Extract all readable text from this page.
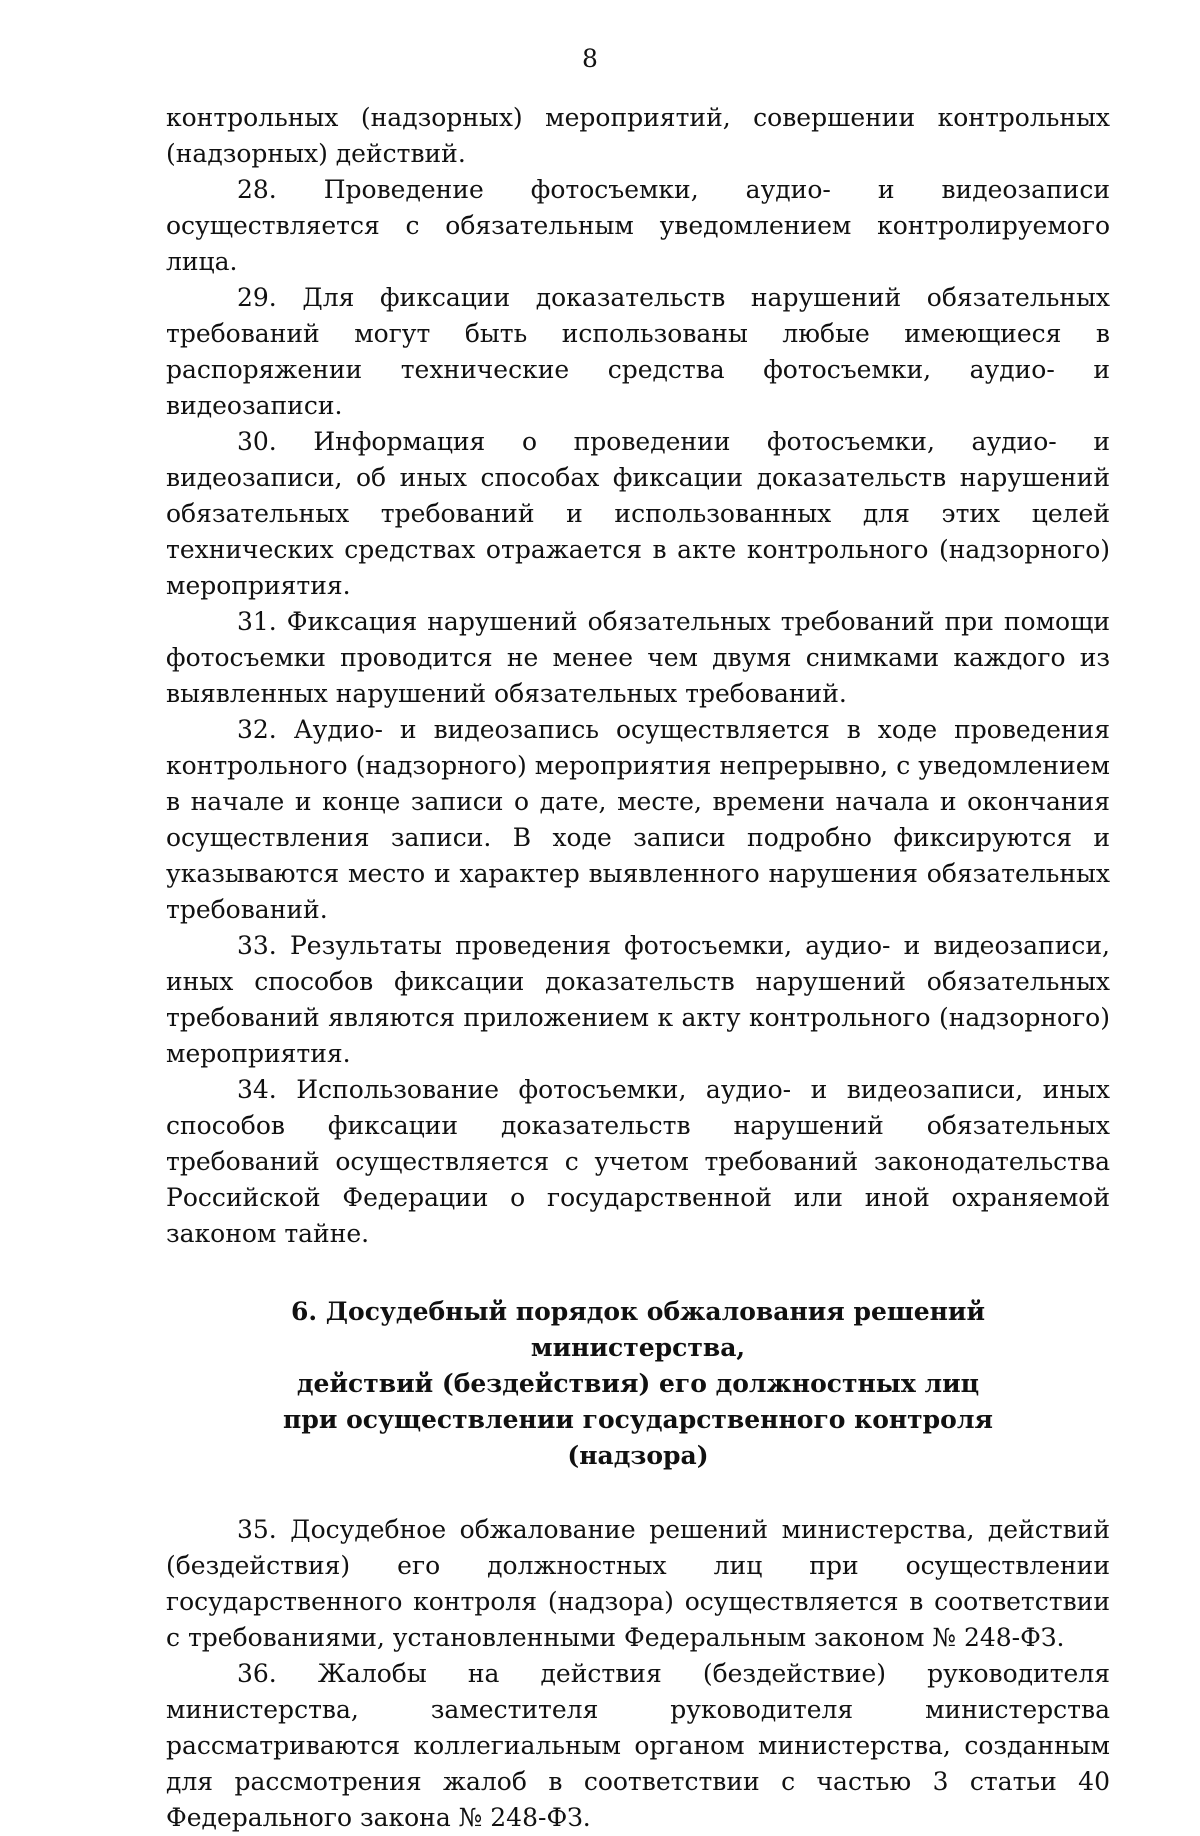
8

контрольных (надзорных) мероприятий, совершении контрольных (надзорных) действий.

28. Проведение фотосъемки, аудио- и видеозаписи осуществляется с обязательным уведомлением контролируемого лица.

29. Для фиксации доказательств нарушений обязательных требований могут быть использованы любые имеющиеся в распоряжении технические средства фотосъемки, аудио- и видеозаписи.

30. Информация о проведении фотосъемки, аудио- и видеозаписи, об иных способах фиксации доказательств нарушений обязательных требований и использованных для этих целей технических средствах отражается в акте контрольного (надзорного) мероприятия.

31. Фиксация нарушений обязательных требований при помощи фотосъемки проводится не менее чем двумя снимками каждого из выявленных нарушений обязательных требований.

32. Аудио- и видеозапись осуществляется в ходе проведения контрольного (надзорного) мероприятия непрерывно, с уведомлением в начале и конце записи о дате, месте, времени начала и окончания осуществления записи. В ходе записи подробно фиксируются и указываются место и характер выявленного нарушения обязательных требований.

33. Результаты проведения фотосъемки, аудио- и видеозаписи, иных способов фиксации доказательств нарушений обязательных требований являются приложением к акту контрольного (надзорного) мероприятия.

34. Использование фотосъемки, аудио- и видеозаписи, иных способов фиксации доказательств нарушений обязательных требований осуществляется с учетом требований законодательства Российской Федерации о государственной или иной охраняемой законом тайне.

6. Досудебный порядок обжалования решений министерства,
действий (бездействия) его должностных лиц
при осуществлении государственного контроля (надзора)

35. Досудебное обжалование решений министерства, действий (бездействия) его должностных лиц при осуществлении государственного контроля (надзора) осуществляется в соответствии с требованиями, установленными Федеральным законом № 248-ФЗ.

36. Жалобы на действия (бездействие) руководителя министерства, заместителя руководителя министерства рассматриваются коллегиальным органом министерства, созданным для рассмотрения жалоб в соответствии с частью 3 статьи 40 Федерального закона № 248-ФЗ.
